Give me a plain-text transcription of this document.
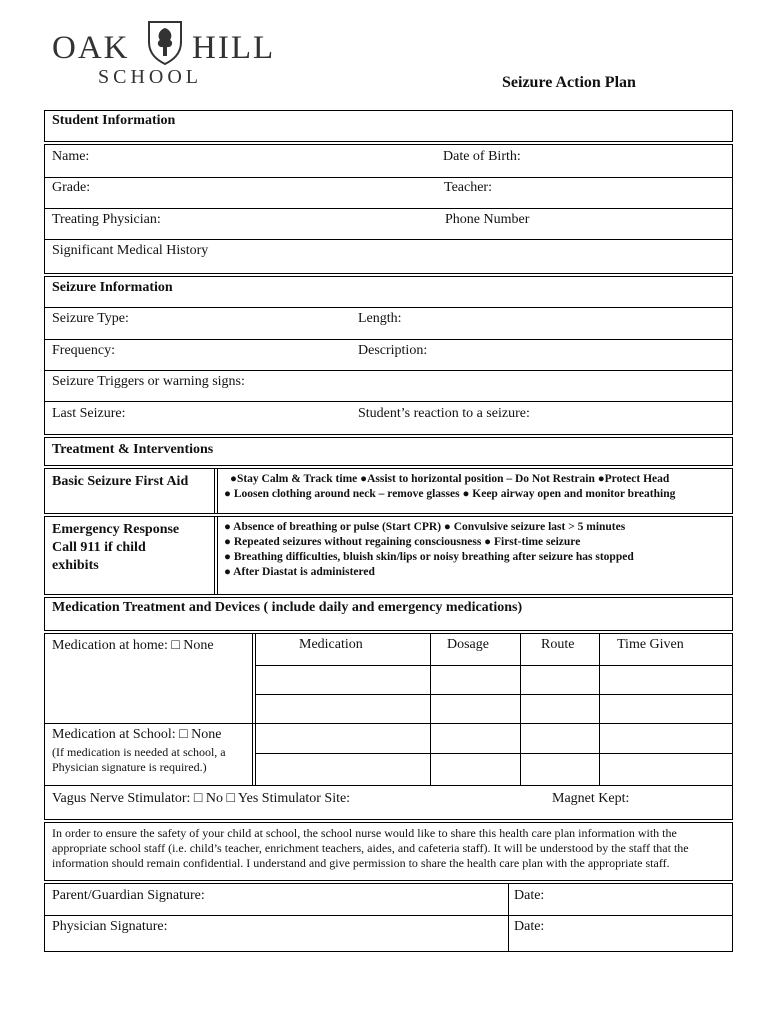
OAK HILL
SCHOOL	Seizure Action Plan
Student Information
Name:	Date of Birth:
Grade:	Teacher:
Treating Physician:	Phone Number
Significant Medical History
Seizure Information
Seizure Type:	Length:
Frequency:	Description:
Seizure Triggers or warning signs:
Last Seizure:	Student’s reaction to a seizure:
Treatment & Interventions
Basic Seizure First Aid	●Stay Calm & Track time ●Assist to horizontal position – Do Not Restrain ●Protect Head
● Loosen clothing around neck – remove glasses ● Keep airway open and monitor breathing
Emergency Response
Call 911 if child
exhibits
● Absence of breathing or pulse (Start CPR) ● Convulsive seizure last > 5 minutes
● Repeated seizures without regaining consciousness ● First-time seizure
● Breathing difficulties, bluish skin/lips or noisy breathing after seizure has stopped
● After Diastat is administered
Medication Treatment and Devices ( include daily and emergency medications)
Medication at home: □ None	Medication	Dosage	Route	Time Given
Medication at School: □ None
(If medication is needed at school, a
Physician signature is required.)
Vagus Nerve Stimulator: □ No □ Yes Stimulator Site:	Magnet Kept:
In order to ensure the safety of your child at school, the school nurse would like to share this health care plan information with the
appropriate school staff (i.e. child’s teacher, enrichment teachers, aides, and cafeteria staff). It will be understood by the staff that the
information should remain confidential. I understand and give permission to share the health care plan with the appropriate staff.
Parent/Guardian Signature:	Date:
Physician Signature:	Date:
